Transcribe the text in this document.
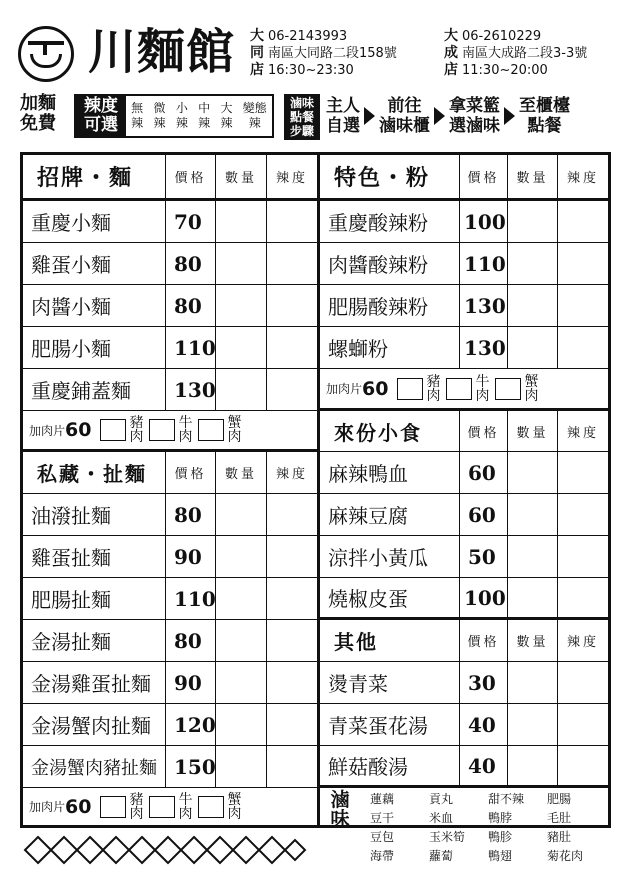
川麵館 大
同
店
06-2143993
南區大同路二段158號
16:30~23:30
大
成
店
06-2610229
南區大成路二段3-3號
11:30~20:00
加麵
免費
辣度
可選
無
辣
微
辣
小
辣
中
辣
大
辣
變態
辣
滷味
點餐
步驟
主人
自選
前往
滷味櫃
拿菜籃
選滷味
至櫃檯
點餐
招牌・麵	價格	數量	辣度
重慶小麵	70
雞蛋小麵	80
肉醬小麵	80
肥腸小麵	110
重慶鋪蓋麵	130
加肉片 60	豬
肉
牛
肉
蟹
肉
私藏・扯麵	價格	數量	辣度
油潑扯麵	80
雞蛋扯麵	90
肥腸扯麵	110
金湯扯麵	80
金湯雞蛋扯麵	90
金湯蟹肉扯麵	120
金湯蟹肉豬扯麵 150
加肉片 60	豬
肉
牛
肉
蟹
肉
特色・粉	價格	數量	辣度
重慶酸辣粉	100
肉醬酸辣粉	110
肥腸酸辣粉	130
螺螄粉	130
加肉片 60	豬
肉
牛
肉
蟹
肉
來份小食	價格	數量	辣度
麻辣鴨血	60
麻辣豆腐	60
涼拌小黃瓜	50
燒椒皮蛋	100
其他	價格	數量	辣度
燙青菜	30
青菜蛋花湯	40
鮮菇酸湯	40
滷
味
蓮藕	貢丸	甜不辣	肥腸
豆干	米血	鴨脖	毛肚
豆包	玉米筍	鴨胗	豬肚
海帶	蘿蔔	鴨翅	菊花肉
